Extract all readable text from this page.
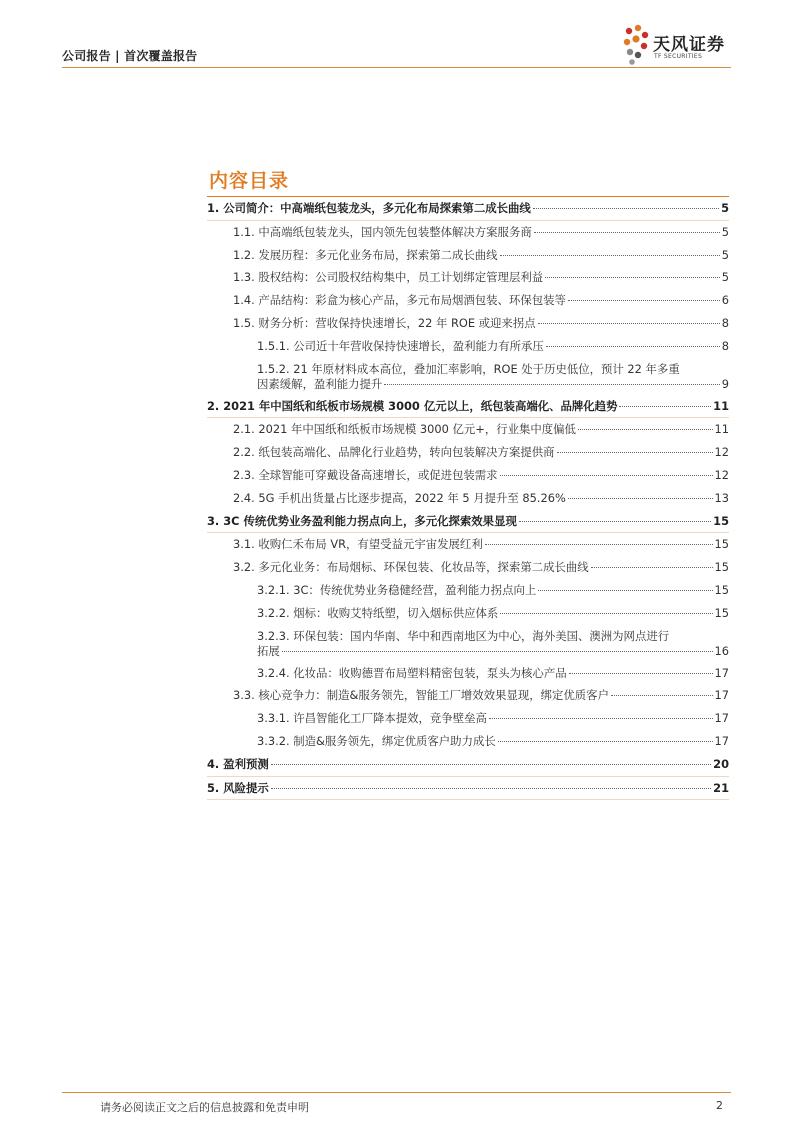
公司报告 | 首次覆盖报告
天风证券
TF SECURITIES
内容目录
1. 公司简介：中高端纸包装龙头，多元化布局探索第二成长曲线	5
1.1. 中高端纸包装龙头，国内领先包装整体解决方案服务商	5
1.2. 发展历程：多元化业务布局，探索第二成长曲线	5
1.3. 股权结构：公司股权结构集中，员工计划绑定管理层利益	5
1.4. 产品结构：彩盒为核心产品，多元布局烟酒包装、环保包装等	6
1.5. 财务分析：营收保持快速增长，22 年 ROE 或迎来拐点	8
1.5.1. 公司近十年营收保持快速增长，盈利能力有所承压	8
1.5.2. 21 年原材料成本高位，叠加汇率影响，ROE 处于历史低位，预计 22 年多重
因素缓解，盈利能力提升	9
2. 2021 年中国纸和纸板市场规模 3000 亿元以上，纸包装高端化、品牌化趋势	11
2.1. 2021 年中国纸和纸板市场规模 3000 亿元+，行业集中度偏低	11
2.2. 纸包装高端化、品牌化行业趋势，转向包装解决方案提供商	12
2.3. 全球智能可穿戴设备高速增长，或促进包装需求	12
2.4. 5G 手机出货量占比逐步提高，2022 年 5 月提升至 85.26%	13
3. 3C 传统优势业务盈利能力拐点向上，多元化探索效果显现	15
3.1. 收购仁禾布局 VR，有望受益元宇宙发展红利	15
3.2. 多元化业务：布局烟标、环保包装、化妆品等，探索第二成长曲线	15
3.2.1. 3C：传统优势业务稳健经营，盈利能力拐点向上	15
3.2.2. 烟标：收购艾特纸塑，切入烟标供应体系	15
3.2.3. 环保包装：国内华南、华中和西南地区为中心，海外美国、澳洲为网点进行
拓展	16
3.2.4. 化妆品：收购德晋布局塑料精密包装，泵头为核心产品	17
3.3. 核心竞争力：制造&服务领先，智能工厂增效效果显现，绑定优质客户	17
3.3.1. 许昌智能化工厂降本提效，竞争壁垒高	17
3.3.2. 制造&服务领先，绑定优质客户助力成长	17
4. 盈利预测	20
5. 风险提示	21
请务必阅读正文之后的信息披露和免责申明	2
